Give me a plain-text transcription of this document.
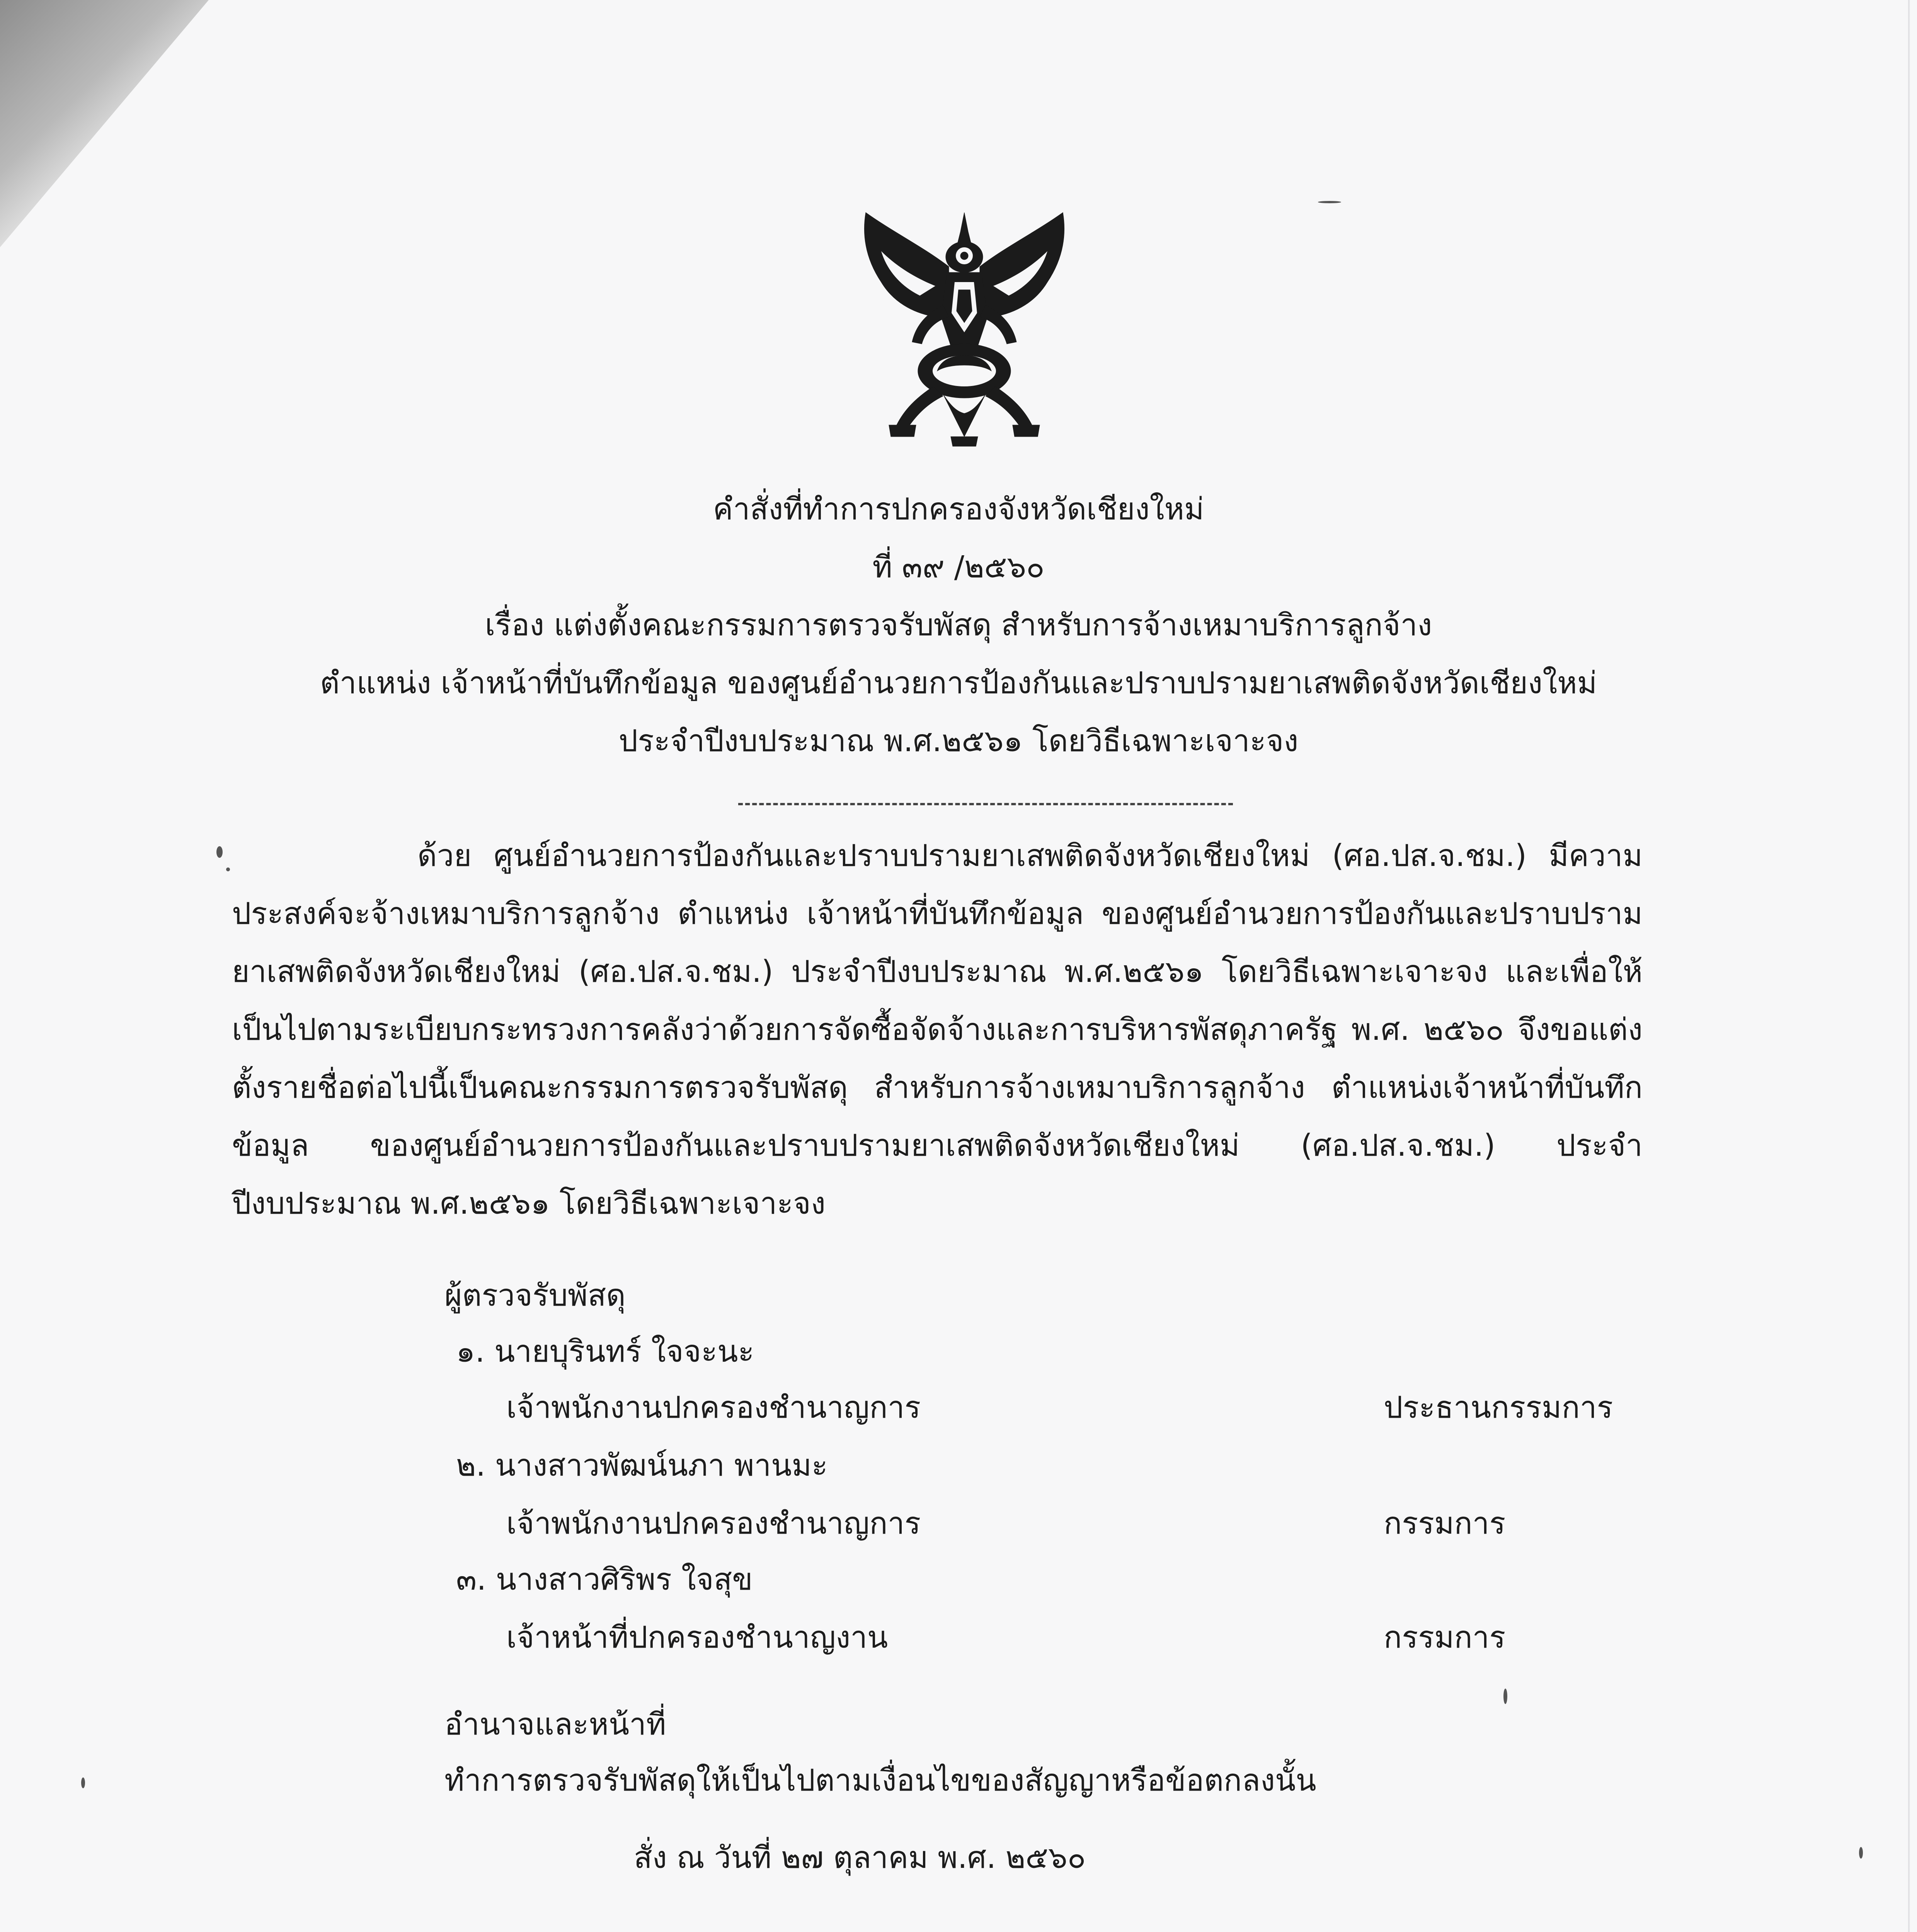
คำสั่งที่ทำการปกครองจังหวัดเชียงใหม่
ที่ ๓๙ /๒๕๖๐
เรื่อง แต่งตั้งคณะกรรมการตรวจรับพัสดุ สำหรับการจ้างเหมาบริการลูกจ้าง
ตำแหน่ง เจ้าหน้าที่บันทึกข้อมูล ของศูนย์อำนวยการป้องกันและปราบปรามยาเสพติดจังหวัดเชียงใหม่
ประจำปีงบประมาณ พ.ศ.๒๕๖๑ โดยวิธีเฉพาะเจาะจง
ด้วย ศูนย์อำนวยการป้องกันและปราบปรามยาเสพติดจังหวัดเชียงใหม่ (ศอ.ปส.จ.ชม.) มีความประสงค์จะจ้างเหมาบริการลูกจ้าง ตำแหน่ง เจ้าหน้าที่บันทึกข้อมูล ของศูนย์อำนวยการป้องกันและปราบปรามยาเสพติดจังหวัดเชียงใหม่ (ศอ.ปส.จ.ชม.) ประจำปีงบประมาณ พ.ศ.๒๕๖๑ โดยวิธีเฉพาะเจาะจง และเพื่อให้เป็นไปตามระเบียบกระทรวงการคลังว่าด้วยการจัดซื้อจัดจ้างและการบริหารพัสดุภาครัฐ พ.ศ. ๒๕๖๐ จึงขอแต่งตั้งรายชื่อต่อไปนี้เป็นคณะกรรมการตรวจรับพัสดุ สำหรับการจ้างเหมาบริการลูกจ้าง ตำแหน่งเจ้าหน้าที่บันทึกข้อมูล ของศูนย์อำนวยการป้องกันและปราบปรามยาเสพติดจังหวัดเชียงใหม่ (ศอ.ปส.จ.ชม.) ประจำปีงบประมาณ พ.ศ.๒๕๖๑ โดยวิธีเฉพาะเจาะจง
ผู้ตรวจรับพัสดุ
๑. นายบุรินทร์ ใจจะนะ
เจ้าพนักงานปกครองชำนาญการ	ประธานกรรมการ
๒. นางสาวพัฒน์นภา พานมะ
เจ้าพนักงานปกครองชำนาญการ	กรรมการ
๓. นางสาวศิริพร ใจสุข
เจ้าหน้าที่ปกครองชำนาญงาน	กรรมการ
อำนาจและหน้าที่
ทำการตรวจรับพัสดุให้เป็นไปตามเงื่อนไขของสัญญาหรือข้อตกลงนั้น
สั่ง ณ วันที่ ๒๗ ตุลาคม พ.ศ. ๒๕๖๐
